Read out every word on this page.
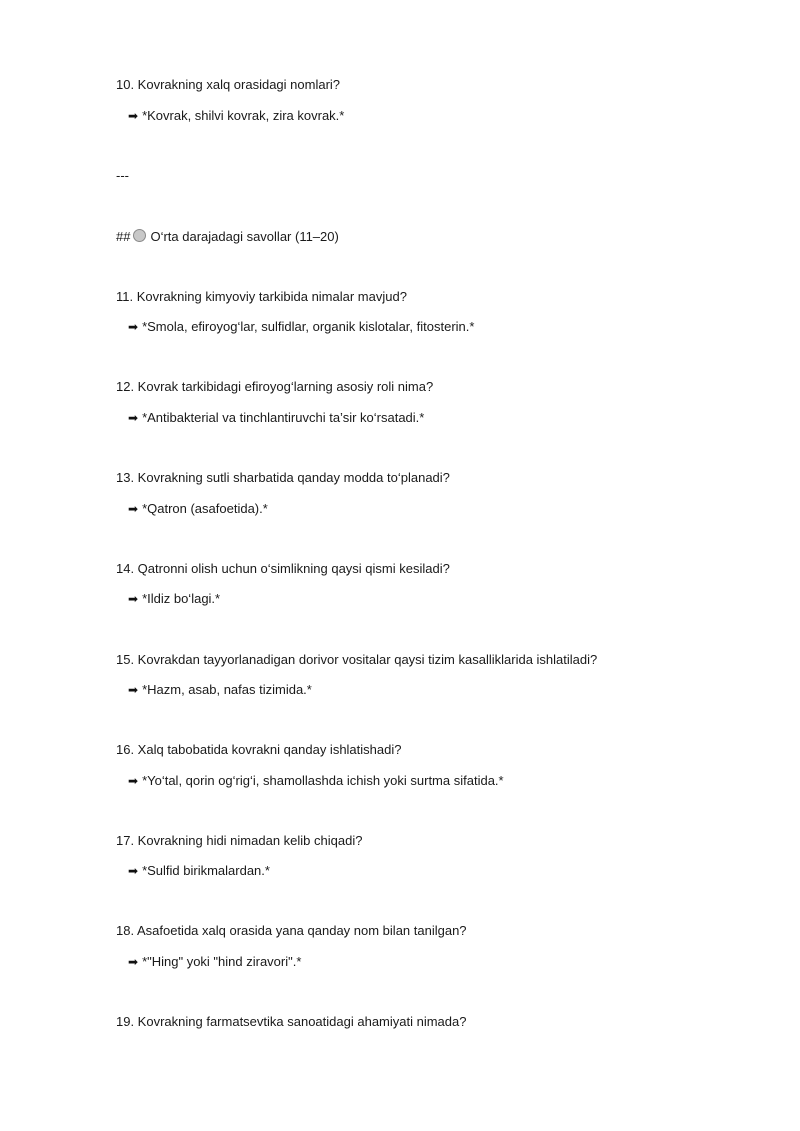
10. Kovrakning xalq orasidagi nomlari?
➡ *Kovrak, shilvi kovrak, zira kovrak.*
---
## O‘rta darajadagi savollar (11–20)
11. Kovrakning kimyoviy tarkibida nimalar mavjud?
➡ *Smola, efiroyog‘lar, sulfidlar, organik kislotalar, fitosterin.*
12. Kovrak tarkibidagi efiroyog‘larning asosiy roli nima?
➡ *Antibakterial va tinchlantiruvchi ta’sir ko‘rsatadi.*
13. Kovrakning sutli sharbatida qanday modda to‘planadi?
➡ *Qatron (asafoetida).*
14. Qatronni olish uchun o‘simlikning qaysi qismi kesiladi?
➡ *Ildiz bo‘lagi.*
15. Kovrakdan tayyorlanadigan dorivor vositalar qaysi tizim kasalliklarida ishlatiladi?
➡ *Hazm, asab, nafas tizimida.*
16. Xalq tabobatida kovrakni qanday ishlatishadi?
➡ *Yo‘tal, qorin og‘rig‘i, shamollashda ichish yoki surtma sifatida.*
17. Kovrakning hidi nimadan kelib chiqadi?
➡ *Sulfid birikmalardan.*
18. Asafoetida xalq orasida yana qanday nom bilan tanilgan?
➡ *"Hing" yoki "hind ziravori".*
19. Kovrakning farmatsevtika sanoatidagi ahamiyati nimada?
